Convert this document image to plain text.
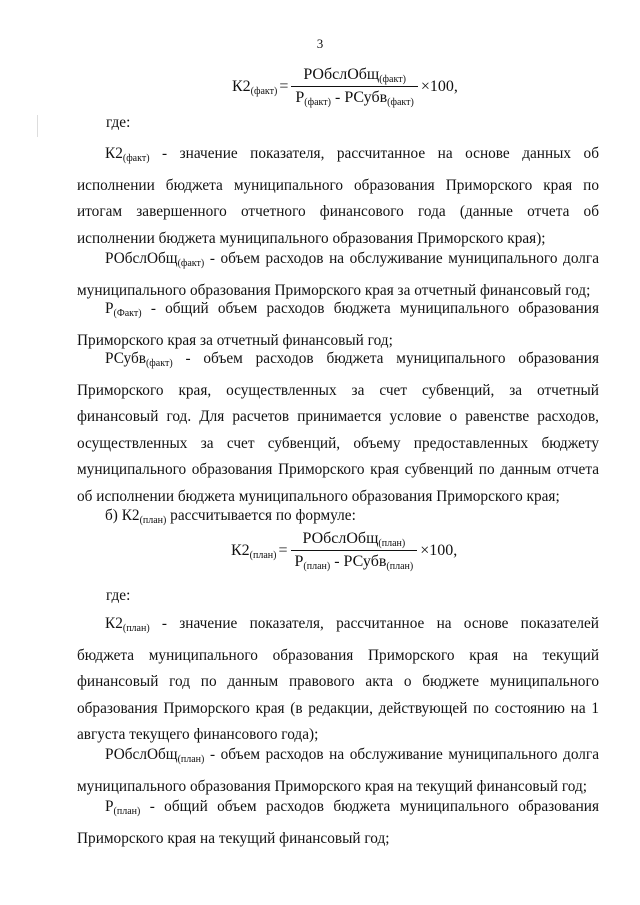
3
К2(факт) = $\frac{РОбслОбщ_{(факт)}}{Р_{(факт)} - РСубв_{(факт)}} \times 100$,
где:
$К2_{(факт)}$ - значение показателя, рассчитанное на основе данных об исполнении бюджета муниципального образования Приморского края по итогам завершенного отчетного финансового года (данные отчета об исполнении бюджета муниципального образования Приморского края);
РОбслОбщ$_{(факт)}$ - объем расходов на обслуживание муниципального долга муниципального образования Приморского края за отчетный финансовый год;
$Р_{(Факт)}$ - общий объем расходов бюджета муниципального образования Приморского края за отчетный финансовый год;
РСубв$_{(факт)}$ - объем расходов бюджета муниципального образования Приморского края, осуществленных за счет субвенций, за отчетный финансовый год. Для расчетов принимается условие о равенстве расходов, осуществленных за счет субвенций, объему предоставленных бюджету муниципального образования Приморского края субвенций по данным отчета об исполнении бюджета муниципального образования Приморского края;
б) $К2_{(план)}$ рассчитывается по формуле:
К2(план) = $\frac{РОбслОбщ_{(план)}}{Р_{(план)} - РСубв_{(план)}} \times 100$,
где:
$К2_{(план)}$ - значение показателя, рассчитанное на основе показателей бюджета муниципального образования Приморского края на текущий финансовый год по данным правового акта о бюджете муниципального образования Приморского края (в редакции, действующей по состоянию на 1 августа текущего финансового года);
РОбслОбщ$_{(план)}$ - объем расходов на обслуживание муниципального долга муниципального образования Приморского края на текущий финансовый год;
$Р_{(план)}$ - общий объем расходов бюджета муниципального образования Приморского края на текущий финансовый год;
